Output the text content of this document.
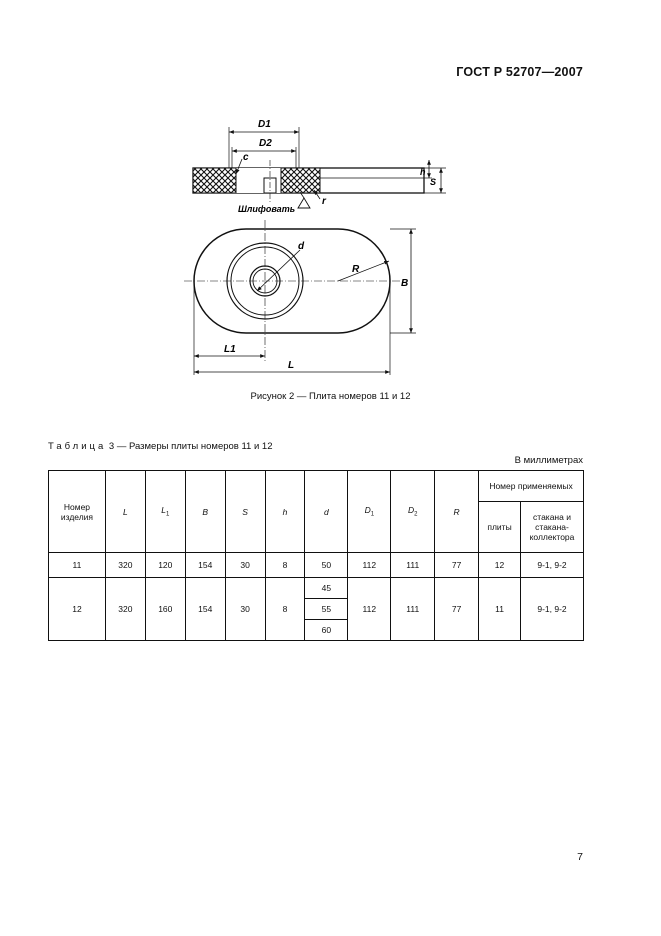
ГОСТ Р 52707—2007
D1
D2
c
r
Шлифовать
h
S
d
R
B
L1
L
Рисунок 2 — Плита номеров 11 и 12
Таблица 3 — Размеры плиты номеров 11 и 12
В миллиметрах
Номер изделия	L	$L_1$	B	S	h	d	$D_1$	$D_2$	R	Номер применяемых	
										плиты	стакана и стакана-коллектора
11	320	120	154	30	8	50	112	111	77	12	9-1, 9-2
12	320	160	154	30	8	45	112	111	77	11	9-1, 9-2
						55					
						60					
7
